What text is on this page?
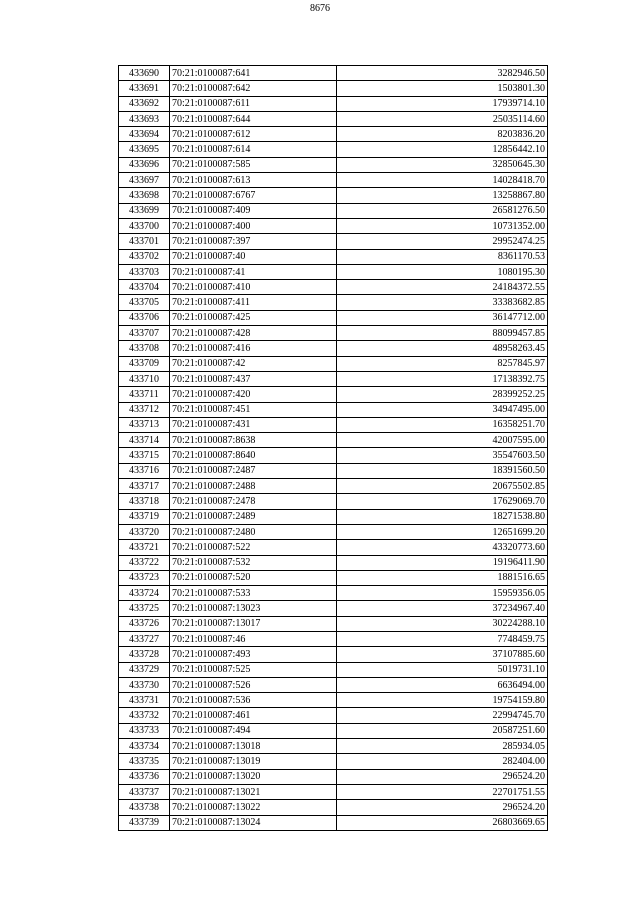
8676
433690	70:21:0100087:641	3282946.50
433691	70:21:0100087:642	1503801.30
433692	70:21:0100087:611	17939714.10
433693	70:21:0100087:644	25035114.60
433694	70:21:0100087:612	8203836.20
433695	70:21:0100087:614	12856442.10
433696	70:21:0100087:585	32850645.30
433697	70:21:0100087:613	14028418.70
433698	70:21:0100087:6767	13258867.80
433699	70:21:0100087:409	26581276.50
433700	70:21:0100087:400	10731352.00
433701	70:21:0100087:397	29952474.25
433702	70:21:0100087:40	8361170.53
433703	70:21:0100087:41	1080195.30
433704	70:21:0100087:410	24184372.55
433705	70:21:0100087:411	33383682.85
433706	70:21:0100087:425	36147712.00
433707	70:21:0100087:428	88099457.85
433708	70:21:0100087:416	48958263.45
433709	70:21:0100087:42	8257845.97
433710	70:21:0100087:437	17138392.75
433711	70:21:0100087:420	28399252.25
433712	70:21:0100087:451	34947495.00
433713	70:21:0100087:431	16358251.70
433714	70:21:0100087:8638	42007595.00
433715	70:21:0100087:8640	35547603.50
433716	70:21:0100087:2487	18391560.50
433717	70:21:0100087:2488	20675502.85
433718	70:21:0100087:2478	17629069.70
433719	70:21:0100087:2489	18271538.80
433720	70:21:0100087:2480	12651699.20
433721	70:21:0100087:522	43320773.60
433722	70:21:0100087:532	19196411.90
433723	70:21:0100087:520	1881516.65
433724	70:21:0100087:533	15959356.05
433725	70:21:0100087:13023	37234967.40
433726	70:21:0100087:13017	30224288.10
433727	70:21:0100087:46	7748459.75
433728	70:21:0100087:493	37107885.60
433729	70:21:0100087:525	5019731.10
433730	70:21:0100087:526	6636494.00
433731	70:21:0100087:536	19754159.80
433732	70:21:0100087:461	22994745.70
433733	70:21:0100087:494	20587251.60
433734	70:21:0100087:13018	285934.05
433735	70:21:0100087:13019	282404.00
433736	70:21:0100087:13020	296524.20
433737	70:21:0100087:13021	22701751.55
433738	70:21:0100087:13022	296524.20
433739	70:21:0100087:13024	26803669.65
